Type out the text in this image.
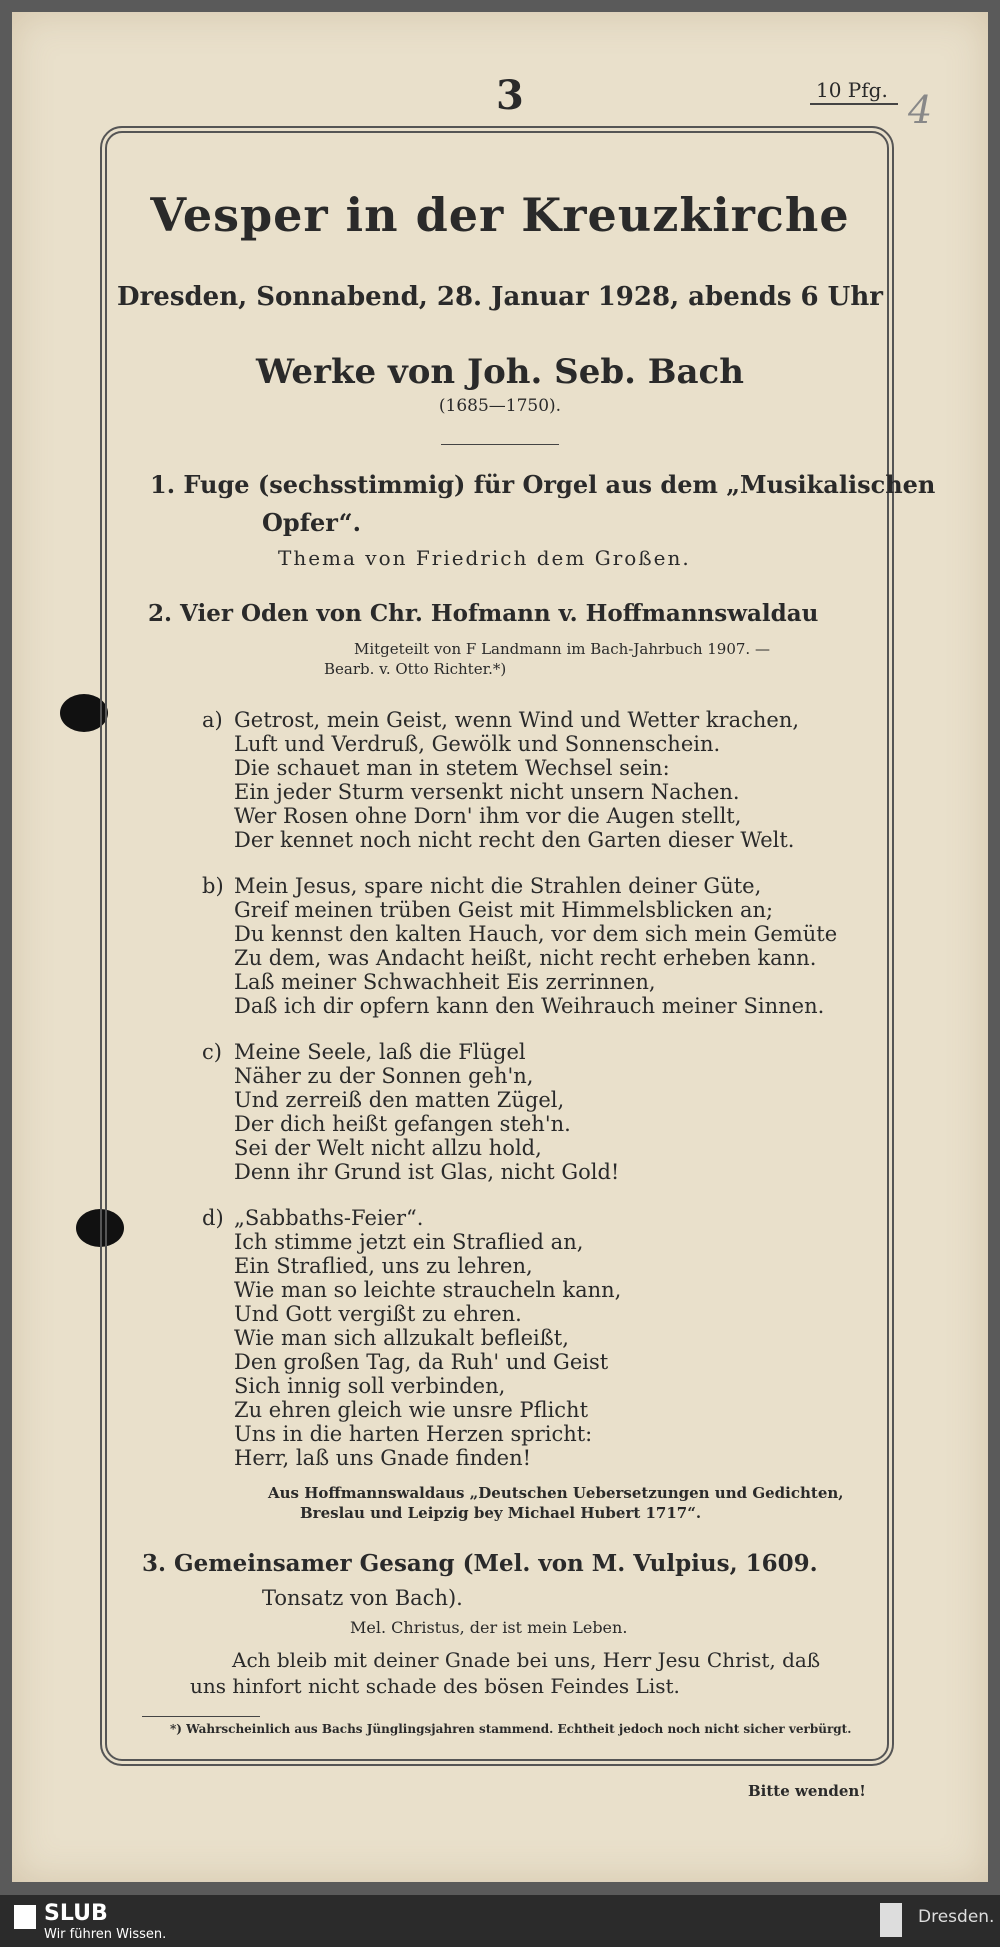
3	10 Pfg. 4
Vesper in der Kreuzkirche
Dresden, Sonnabend, 28. Januar 1928, abends 6 Uhr
Werke von Joh. Seb. Bach
(1685—1750).
1. Fuge (sechsstimmig) für Orgel aus dem „Musikalischen
Opfer“.
Thema von Friedrich dem Großen.
2. Vier Oden von Chr. Hofmann v. Hoffmannswaldau
Mitgeteilt von F Landmann im Bach-Jahrbuch 1907. —
Bearb. v. Otto Richter.*)
a) Getrost, mein Geist, wenn Wind und Wetter krachen,
Luft und Verdruß, Gewölk und Sonnenschein.
Die schauet man in stetem Wechsel sein:
Ein jeder Sturm versenkt nicht unsern Nachen.
Wer Rosen ohne Dorn' ihm vor die Augen stellt,
Der kennet noch nicht recht den Garten dieser Welt.
b) Mein Jesus, spare nicht die Strahlen deiner Güte,
Greif meinen trüben Geist mit Himmelsblicken an;
Du kennst den kalten Hauch, vor dem sich mein Gemüte
Zu dem, was Andacht heißt, nicht recht erheben kann.
Laß meiner Schwachheit Eis zerrinnen,
Daß ich dir opfern kann den Weihrauch meiner Sinnen.
c) Meine Seele, laß die Flügel
Näher zu der Sonnen geh'n,
Und zerreiß den matten Zügel,
Der dich heißt gefangen steh'n.
Sei der Welt nicht allzu hold,
Denn ihr Grund ist Glas, nicht Gold!
d) „Sabbaths-Feier“.
Ich stimme jetzt ein Straflied an,
Ein Straflied, uns zu lehren,
Wie man so leichte straucheln kann,
Und Gott vergißt zu ehren.
Wie man sich allzukalt befleißt,
Den großen Tag, da Ruh' und Geist
Sich innig soll verbinden,
Zu ehren gleich wie unsre Pflicht
Uns in die harten Herzen spricht:
Herr, laß uns Gnade finden!
Aus Hoffmannswaldaus „Deutschen Uebersetzungen und Gedichten,
Breslau und Leipzig bey Michael Hubert 1717“.
3. Gemeinsamer Gesang (Mel. von M. Vulpius, 1609.
Tonsatz von Bach).
Mel. Christus, der ist mein Leben.
Ach bleib mit deiner Gnade bei uns, Herr Jesu Christ, daß
uns hinfort nicht schade des bösen Feindes List.
*) Wahrscheinlich aus Bachs Jünglingsjahren stammend. Echtheit jedoch noch nicht sicher verbürgt.
Bitte wenden!
SLUB
Wir führen Wissen.
Dresden.
